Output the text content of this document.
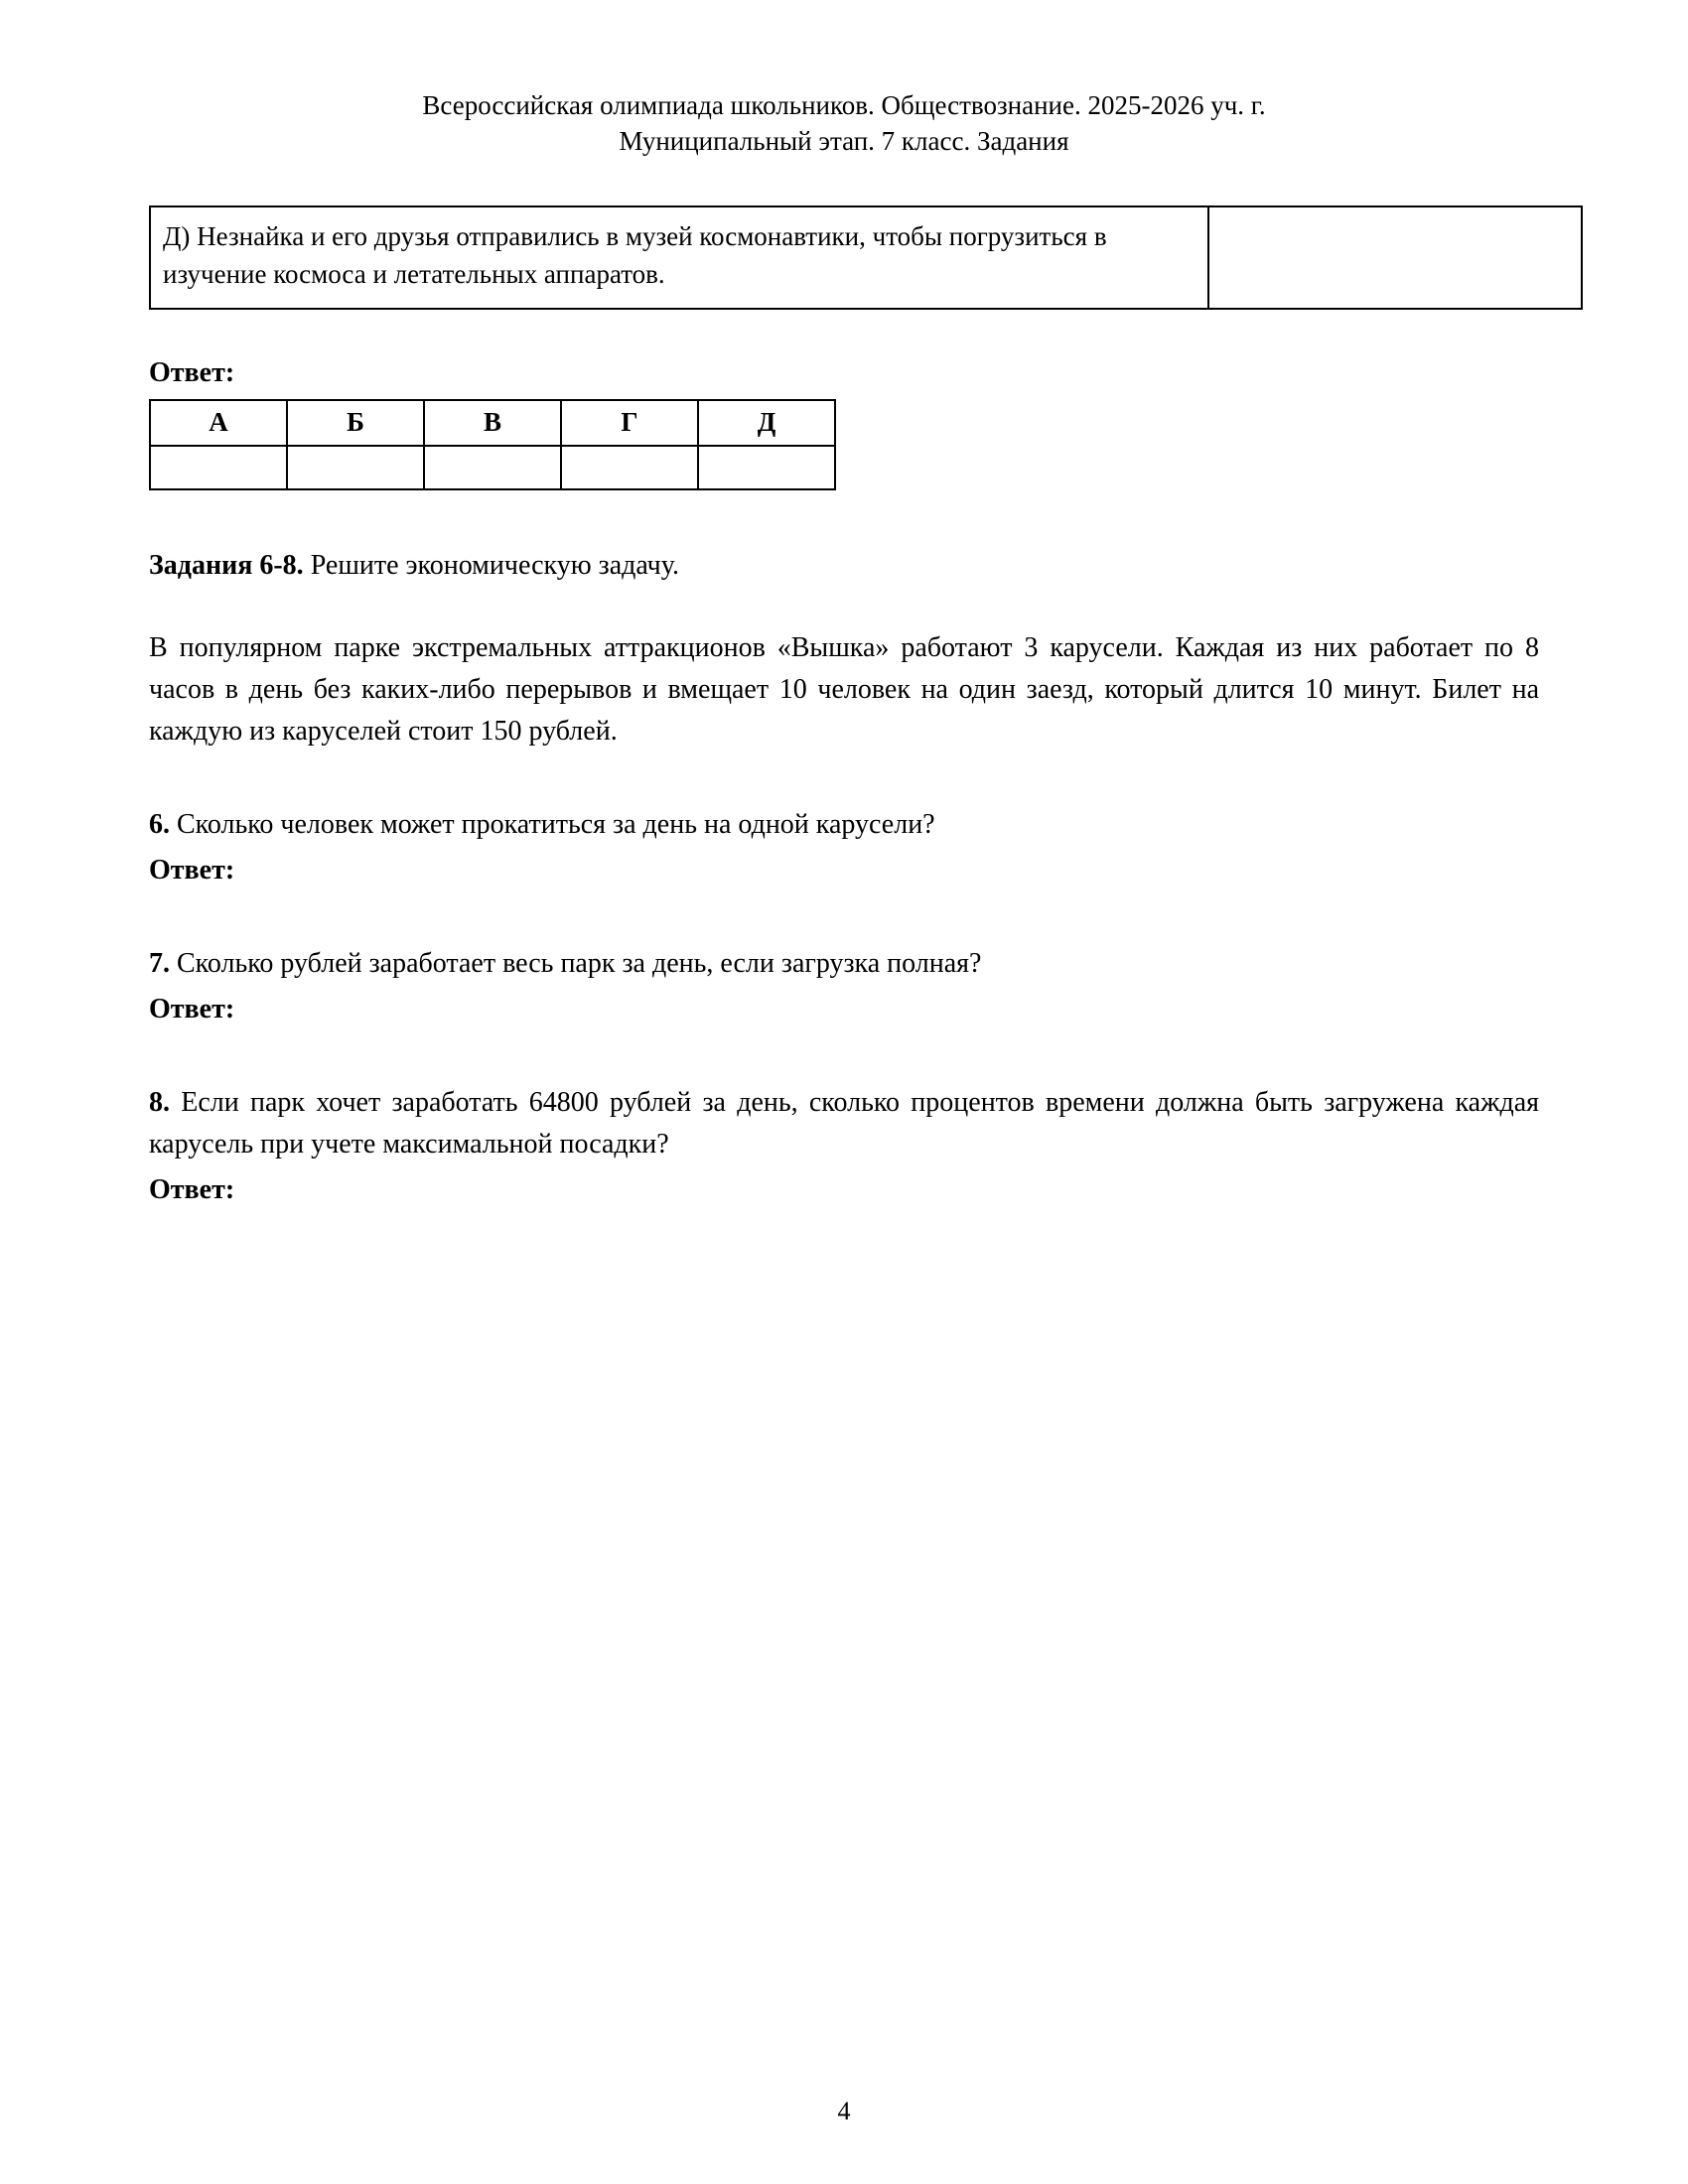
Всероссийская олимпиада школьников. Обществознание. 2025-2026 уч. г.
Муниципальный этап. 7 класс. Задания
Д) Незнайка и его друзья отправились в музей космонавтики, чтобы погрузиться в изучение космоса и летательных аппаратов.	
Ответ:
А	Б	В	Г	Д

Задания 6-8. Решите экономическую задачу.
В популярном парке экстремальных аттракционов «Вышка» работают 3 карусели. Каждая из них работает по 8 часов в день без каких-либо перерывов и вмещает 10 человек на один заезд, который длится 10 минут. Билет на каждую из каруселей стоит 150 рублей.
6. Сколько человек может прокатиться за день на одной карусели?
Ответ:
7. Сколько рублей заработает весь парк за день, если загрузка полная?
Ответ:
8. Если парк хочет заработать 64800 рублей за день, сколько процентов времени должна быть загружена каждая карусель при учете максимальной посадки?
Ответ:
4
